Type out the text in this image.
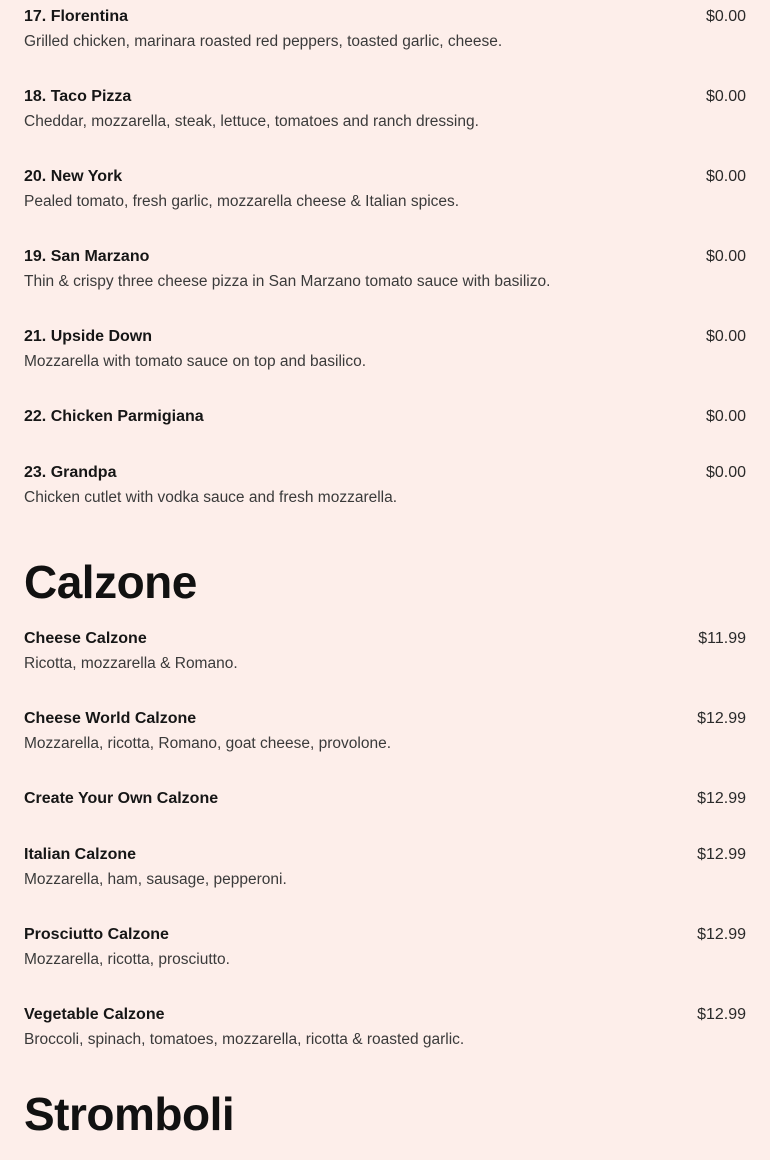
17. Florentina	$0.00
Grilled chicken, marinara roasted red peppers, toasted garlic, cheese.
18. Taco Pizza	$0.00
Cheddar, mozzarella, steak, lettuce, tomatoes and ranch dressing.
20. New York	$0.00
Pealed tomato, fresh garlic, mozzarella cheese & Italian spices.
19. San Marzano	$0.00
Thin & crispy three cheese pizza in San Marzano tomato sauce with basilizo.
21. Upside Down	$0.00
Mozzarella with tomato sauce on top and basilico.
22. Chicken Parmigiana	$0.00
23. Grandpa	$0.00
Chicken cutlet with vodka sauce and fresh mozzarella.
Calzone
Cheese Calzone	$11.99
Ricotta, mozzarella & Romano.
Cheese World Calzone	$12.99
Mozzarella, ricotta, Romano, goat cheese, provolone.
Create Your Own Calzone	$12.99
Italian Calzone	$12.99
Mozzarella, ham, sausage, pepperoni.
Prosciutto Calzone	$12.99
Mozzarella, ricotta, prosciutto.
Vegetable Calzone	$12.99
Broccoli, spinach, tomatoes, mozzarella, ricotta & roasted garlic.
Stromboli
